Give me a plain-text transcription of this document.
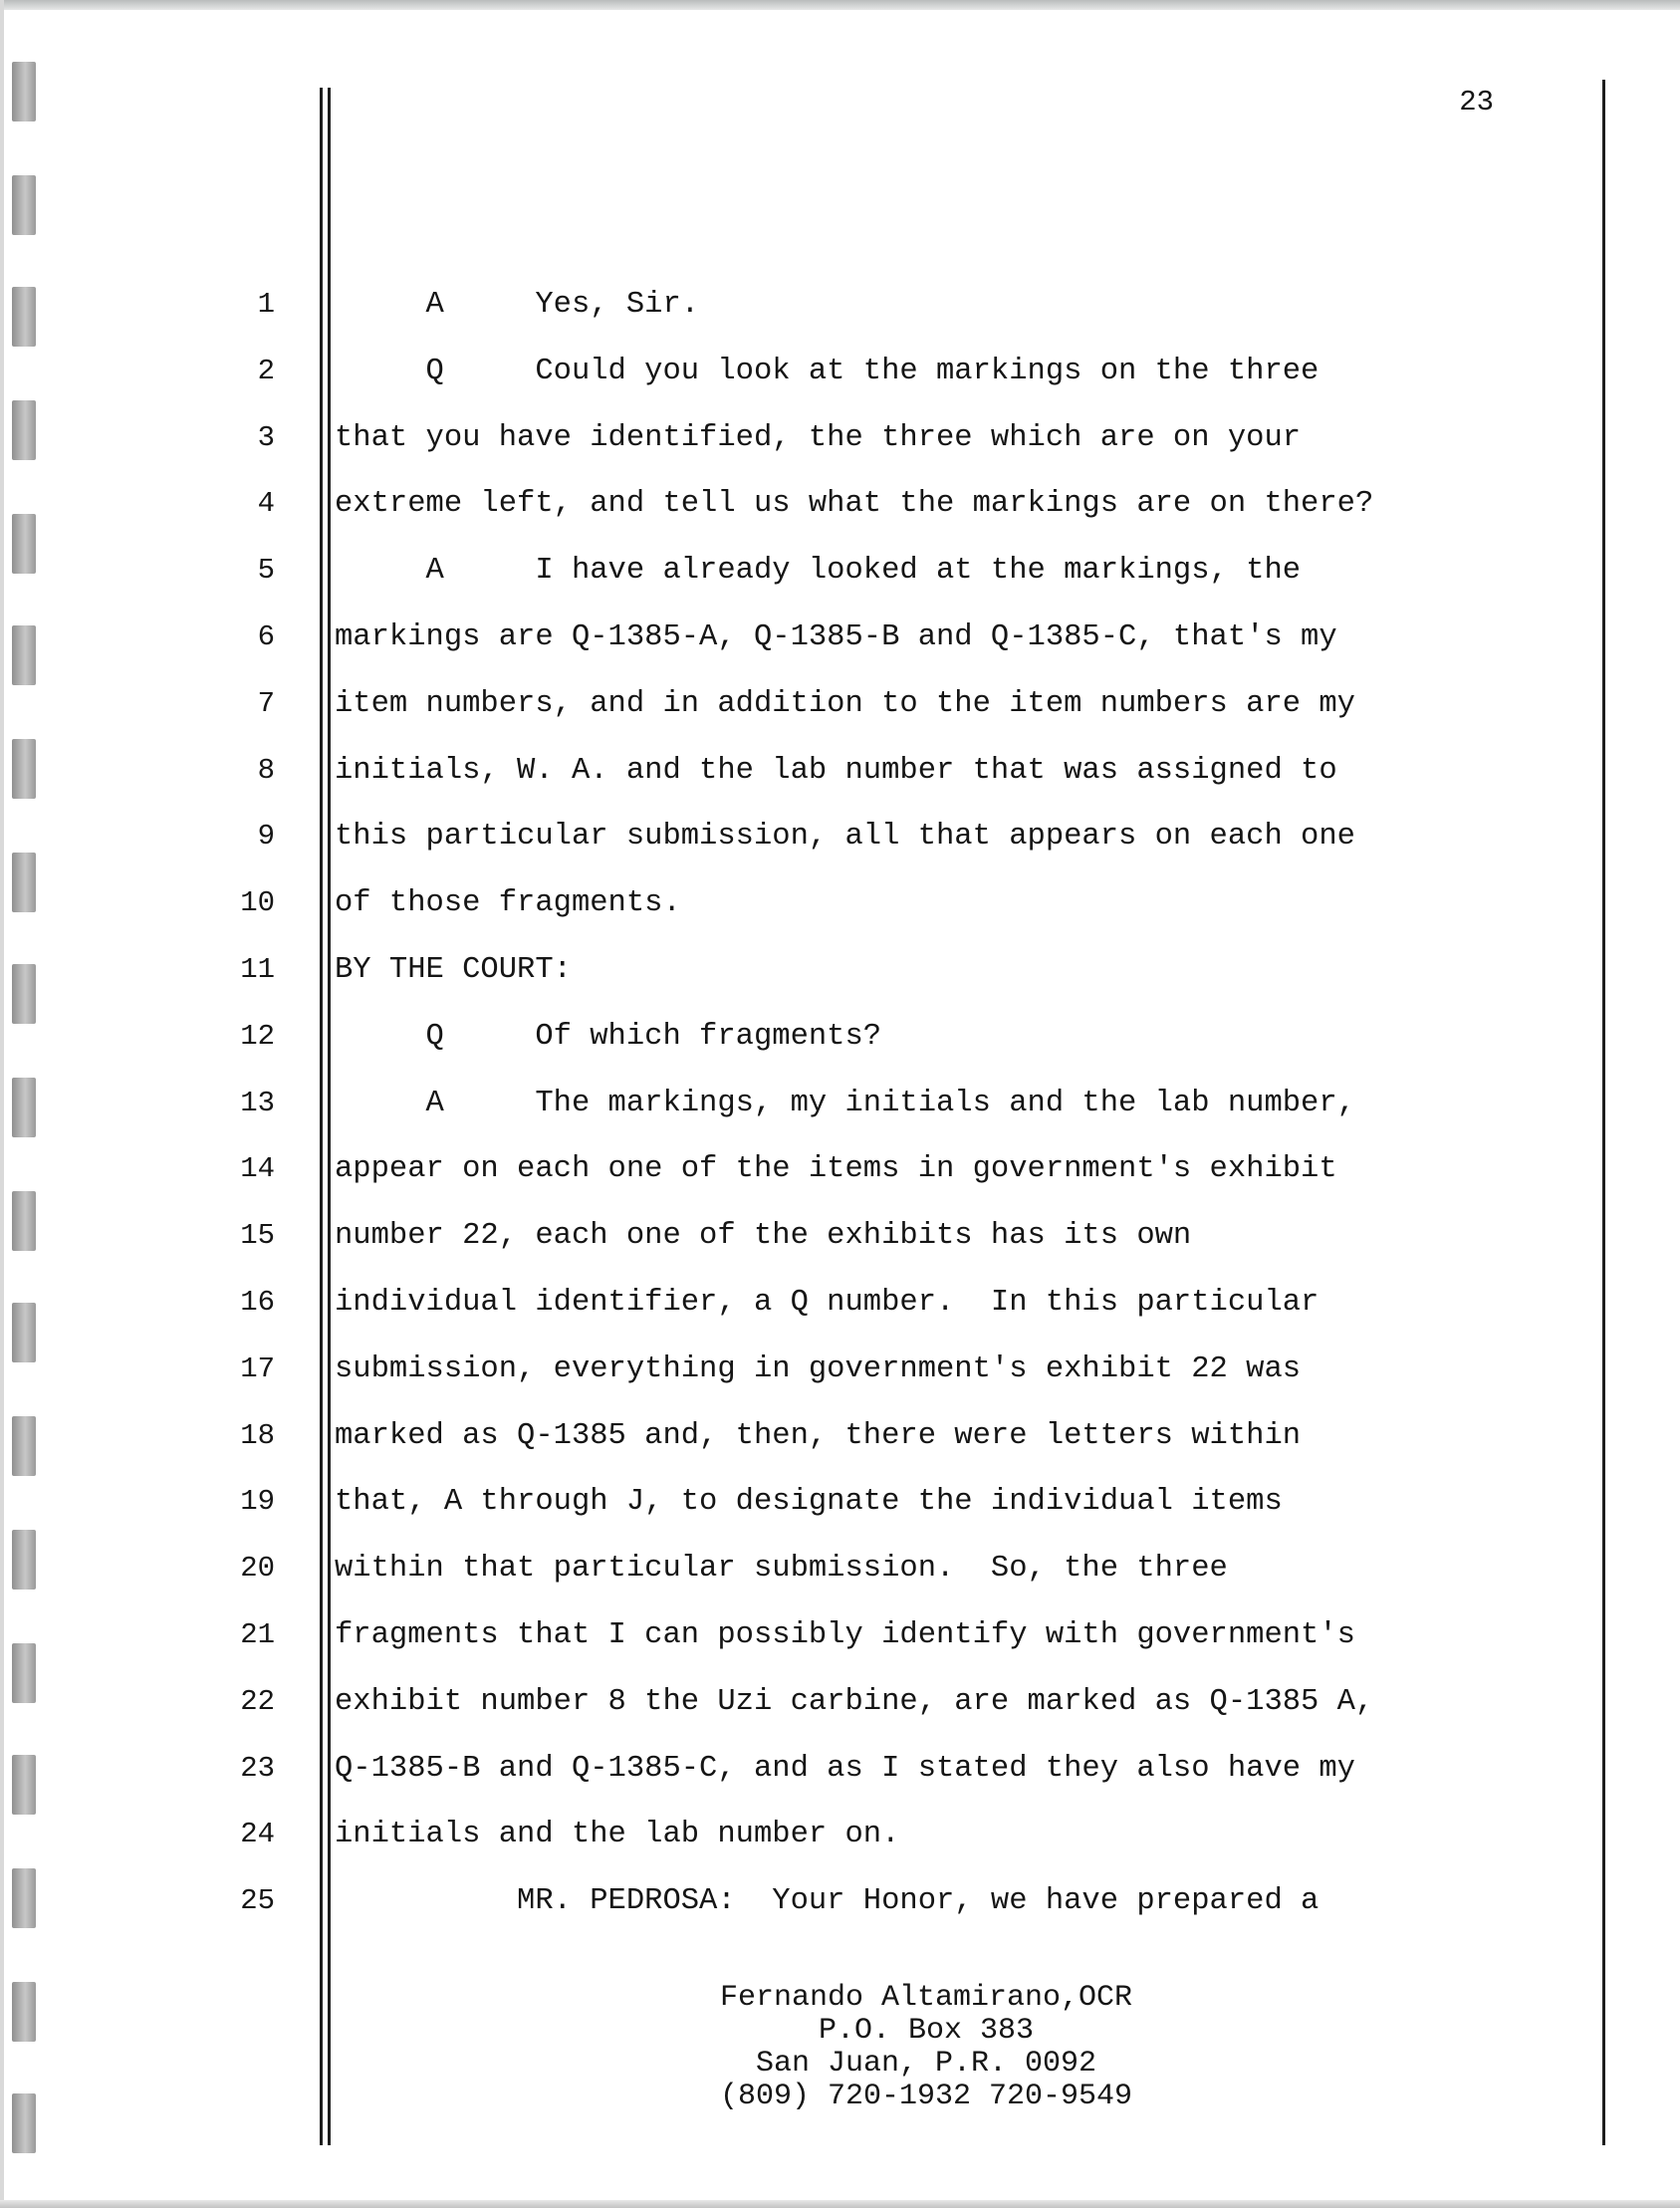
23
1 A     Yes, Sir.
2 Q     Could you look at the markings on the three
3 that you have identified, the three which are on your
4 extreme left, and tell us what the markings are on there?
5 A     I have already looked at the markings, the
6 markings are Q-1385-A, Q-1385-B and Q-1385-C, that's my
7 item numbers, and in addition to the item numbers are my
8 initials, W. A. and the lab number that was assigned to
9 this particular submission, all that appears on each one
10 of those fragments.
11 BY THE COURT:
12 Q     Of which fragments?
13 A     The markings, my initials and the lab number,
14 appear on each one of the items in government's exhibit
15 number 22, each one of the exhibits has its own
16 individual identifier, a Q number.  In this particular
17 submission, everything in government's exhibit 22 was
18 marked as Q-1385 and, then, there were letters within
19 that, A through J, to designate the individual items
20 within that particular submission.  So, the three
21 fragments that I can possibly identify with government's
22 exhibit number 8 the Uzi carbine, are marked as Q-1385 A,
23 Q-1385-B and Q-1385-C, and as I stated they also have my
24 initials and the lab number on.
25 MR. PEDROSA:  Your Honor, we have prepared a
Fernando Altamirano,OCR
P.O. Box 383
San Juan, P.R. 0092
(809) 720-1932 720-9549
